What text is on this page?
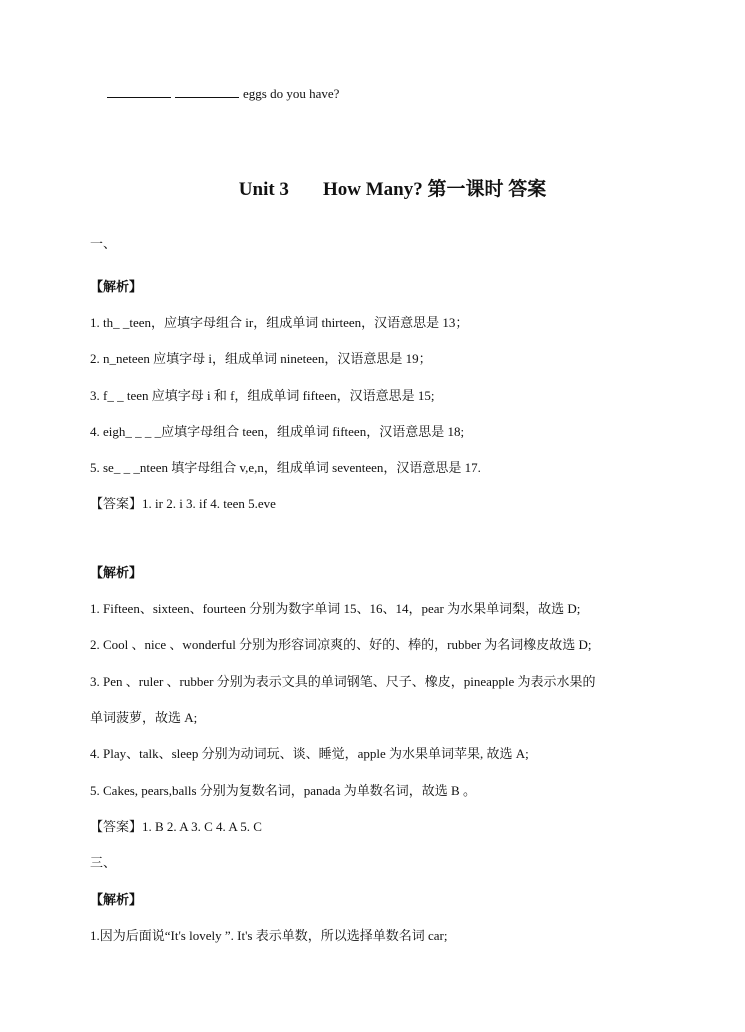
eggs do you have?
Unit 3 How Many? 第一课时 答案
一、
【解析】
1. th_ _teen，应填字母组合 ir，组成单词 thirteen，汉语意思是 13；
2. n_neteen 应填字母 i，组成单词 nineteen，汉语意思是 19；
3. f_ _ teen 应填字母 i 和 f，组成单词 fifteen，汉语意思是 15;
4. eigh_ _ _ _应填字母组合 teen，组成单词 fifteen，汉语意思是 18;
5. se_ _ _nteen 填字母组合 v,e,n，组成单词 seventeen，汉语意思是 17.
【答案】1. ir 2. i 3. if 4. teen 5.eve
【解析】
1. Fifteen、sixteen、fourteen 分别为数字单词 15、16、14，pear 为水果单词梨，故选 D;
2. Cool 、nice 、wonderful 分别为形容词凉爽的、好的、棒的，rubber 为名词橡皮故选 D;
3. Pen 、ruler 、rubber 分别为表示文具的单词钢笔、尺子、橡皮，pineapple 为表示水果的
单词菠萝，故选 A;
4. Play、talk、sleep 分别为动词玩、谈、睡觉，apple 为水果单词苹果, 故选 A;
5. Cakes, pears,balls 分别为复数名词，panada 为单数名词，故选 B 。
【答案】1. B 2. A 3. C 4. A 5. C
三、
【解析】
1.因为后面说“It's lovely ”. It's 表示单数，所以选择单数名词 car;
